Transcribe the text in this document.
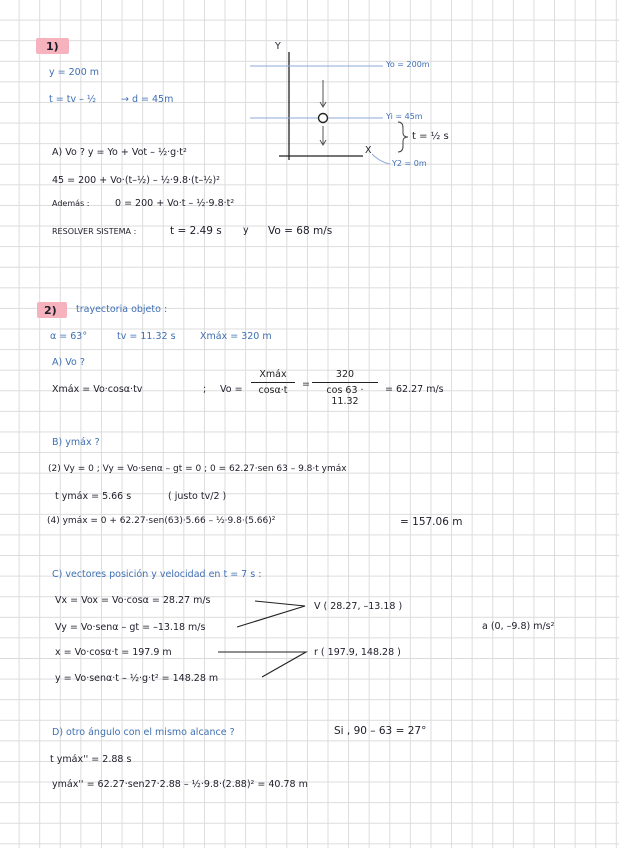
1)
y = 200 m
t = tv – ½	→ d = 45m
Y
X
Yo = 200m
Yi = 45m
Y2 = 0m
t = ½ s
A) Vo ? y = Yo + Vot – ½·g·t²
45 = 200 + Vo·(t–½) – ½·9.8·(t–½)²
Además :	0 = 200 + Vo·t – ½·9.8·t²
RESOLVER SISTEMA :	t = 2.49 s y Vo = 68 m/s
2) trayectoria objeto :
α = 63°	tv = 11.32 s	Xmáx = 320 m
A) Vo ?
Xmáx = Vo·cosα·tv	; Vo =
Xmáx
cosα·t
= $\frac{320}{\cos 63 \cdot 11.32} = 62.27$ m/s
B) ymáx ?
(2) Vy = 0 ; Vy = Vo·senα – gt = 0 ; 0 = 62.27·sen 63 – 9.8·t ymáx
t ymáx = 5.66 s	( justo tv/2 )
(4) ymáx = 0 + 62.27·sen(63)·5.66 – ½·9.8·(5.66)²	= 157.06 m
C) vectores posición y velocidad en t = 7 s :
Vx = Vox = Vo·cosα = 28.27 m/s
Vy = Vo·senα – gt = –13.18 m/s
V ( 28.27, –13.18 )
a (0, –9.8) m/s²
x = Vo·cosα·t = 197.9 m
y = Vo·senα·t – ½·g·t² = 148.28 m
r ( 197.9, 148.28 )
D) otro ángulo con el mismo alcance ?	Si , 90 – 63 = 27°
t ymáx'' = 2.88 s
ymáx'' = 62.27·sen27·2.88 – ½·9.8·(2.88)² = 40.78 m
